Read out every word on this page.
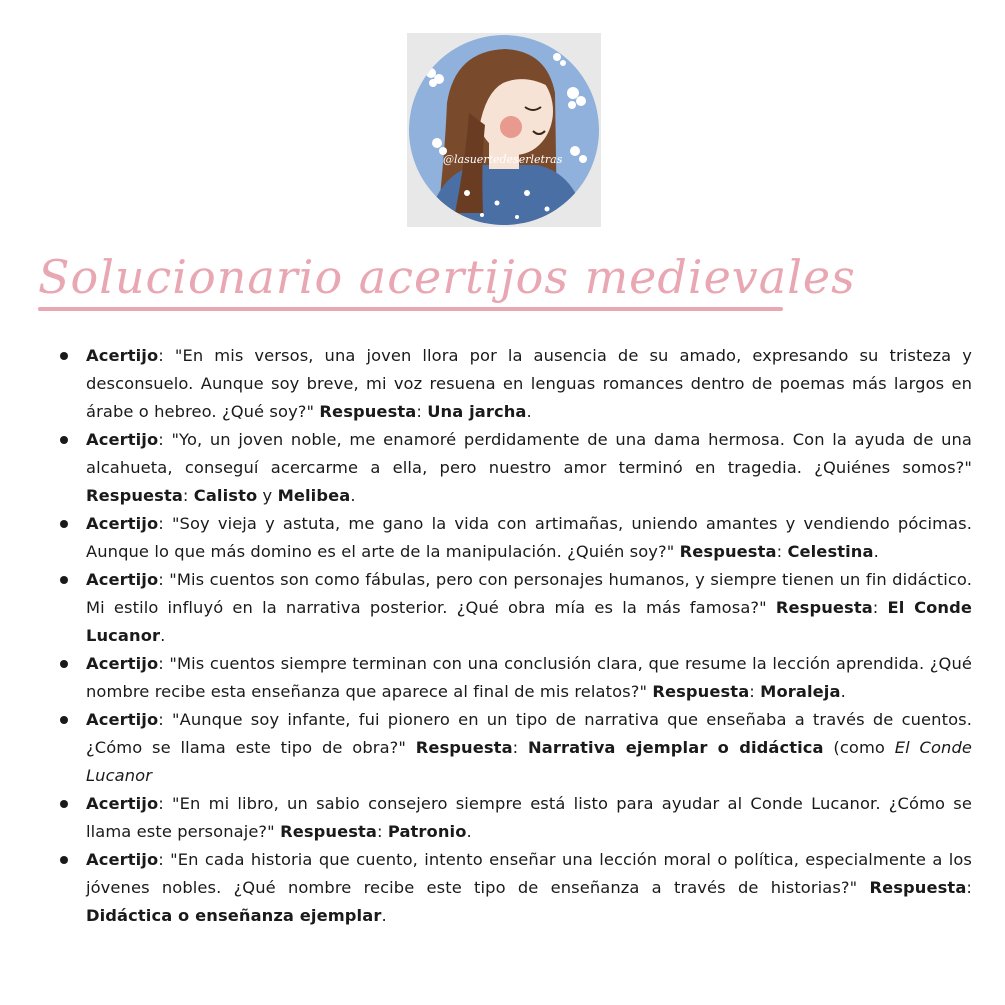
@lasuertedeserletras
Solucionario acertijos medievales
Acertijo: "En mis versos, una joven llora por la ausencia de su amado, expresando su tristeza y desconsuelo. Aunque soy breve, mi voz resuena en lenguas romances dentro de poemas más largos en árabe o hebreo. ¿Qué soy?" Respuesta: Una jarcha.
Acertijo: "Yo, un joven noble, me enamoré perdidamente de una dama hermosa. Con la ayuda de una alcahueta, conseguí acercarme a ella, pero nuestro amor terminó en tragedia. ¿Quiénes somos?" Respuesta: Calisto y Melibea.
Acertijo: "Soy vieja y astuta, me gano la vida con artimañas, uniendo amantes y vendiendo pócimas. Aunque lo que más domino es el arte de la manipulación. ¿Quién soy?" Respuesta: Celestina.
Acertijo: "Mis cuentos son como fábulas, pero con personajes humanos, y siempre tienen un fin didáctico. Mi estilo influyó en la narrativa posterior. ¿Qué obra mía es la más famosa?" Respuesta: El Conde Lucanor.
Acertijo: "Mis cuentos siempre terminan con una conclusión clara, que resume la lección aprendida. ¿Qué nombre recibe esta enseñanza que aparece al final de mis relatos?" Respuesta: Moraleja.
Acertijo: "Aunque soy infante, fui pionero en un tipo de narrativa que enseñaba a través de cuentos. ¿Cómo se llama este tipo de obra?" Respuesta: Narrativa ejemplar o didáctica (como El Conde Lucanor
Acertijo: "En mi libro, un sabio consejero siempre está listo para ayudar al Conde Lucanor. ¿Cómo se llama este personaje?" Respuesta: Patronio.
Acertijo: "En cada historia que cuento, intento enseñar una lección moral o política, especialmente a los jóvenes nobles. ¿Qué nombre recibe este tipo de enseñanza a través de historias?" Respuesta: Didáctica o enseñanza ejemplar.
